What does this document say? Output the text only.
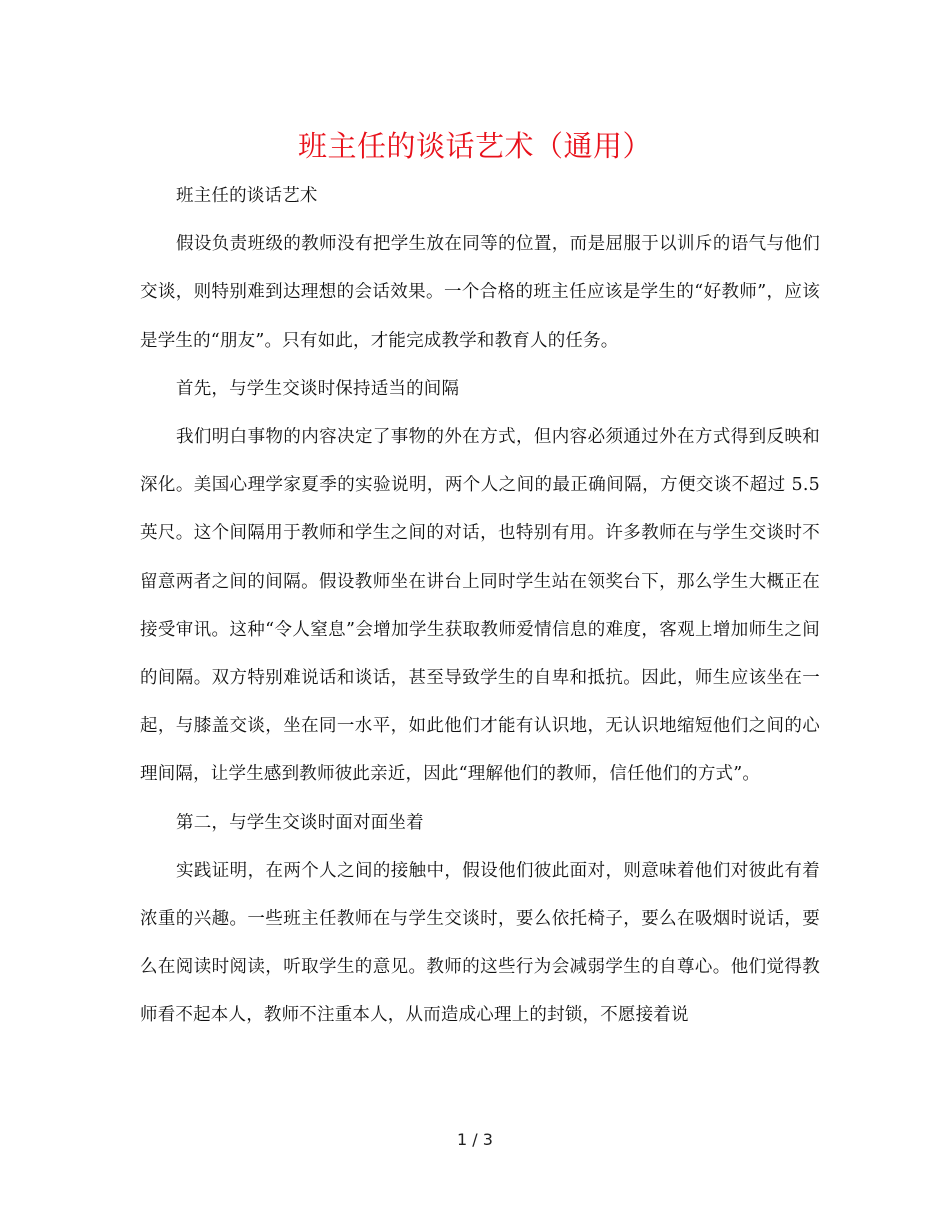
班主任的谈话艺术（通用）

班主任的谈话艺术

假设负责班级的教师没有把学生放在同等的位置，而是屈服于以训斥的语气与他们交谈，则特别难到达理想的会话效果。一个合格的班主任应该是学生的“好教师”，应该是学生的“朋友”。只有如此，才能完成教学和教育人的任务。

首先，与学生交谈时保持适当的间隔

我们明白事物的内容决定了事物的外在方式，但内容必须通过外在方式得到反映和深化。美国心理学家夏季的实验说明，两个人之间的最正确间隔，方便交谈不超过 5.5 英尺。这个间隔用于教师和学生之间的对话，也特别有用。许多教师在与学生交谈时不留意两者之间的间隔。假设教师坐在讲台上同时学生站在领奖台下，那么学生大概正在接受审讯。这种“令人窒息”会增加学生获取教师爱情信息的难度，客观上增加师生之间的间隔。双方特别难说话和谈话，甚至导致学生的自卑和抵抗。因此，师生应该坐在一起，与膝盖交谈，坐在同一水平，如此他们才能有认识地，无认识地缩短他们之间的心理间隔，让学生感到教师彼此亲近，因此“理解他们的教师，信任他们的方式”。

第二，与学生交谈时面对面坐着

实践证明，在两个人之间的接触中，假设他们彼此面对，则意味着他们对彼此有着浓重的兴趣。一些班主任教师在与学生交谈时，要么依托椅子，要么在吸烟时说话，要么在阅读时阅读，听取学生的意见。教师的这些行为会减弱学生的自尊心。他们觉得教师看不起本人，教师不注重本人，从而造成心理上的封锁，不愿接着说

1 / 3
